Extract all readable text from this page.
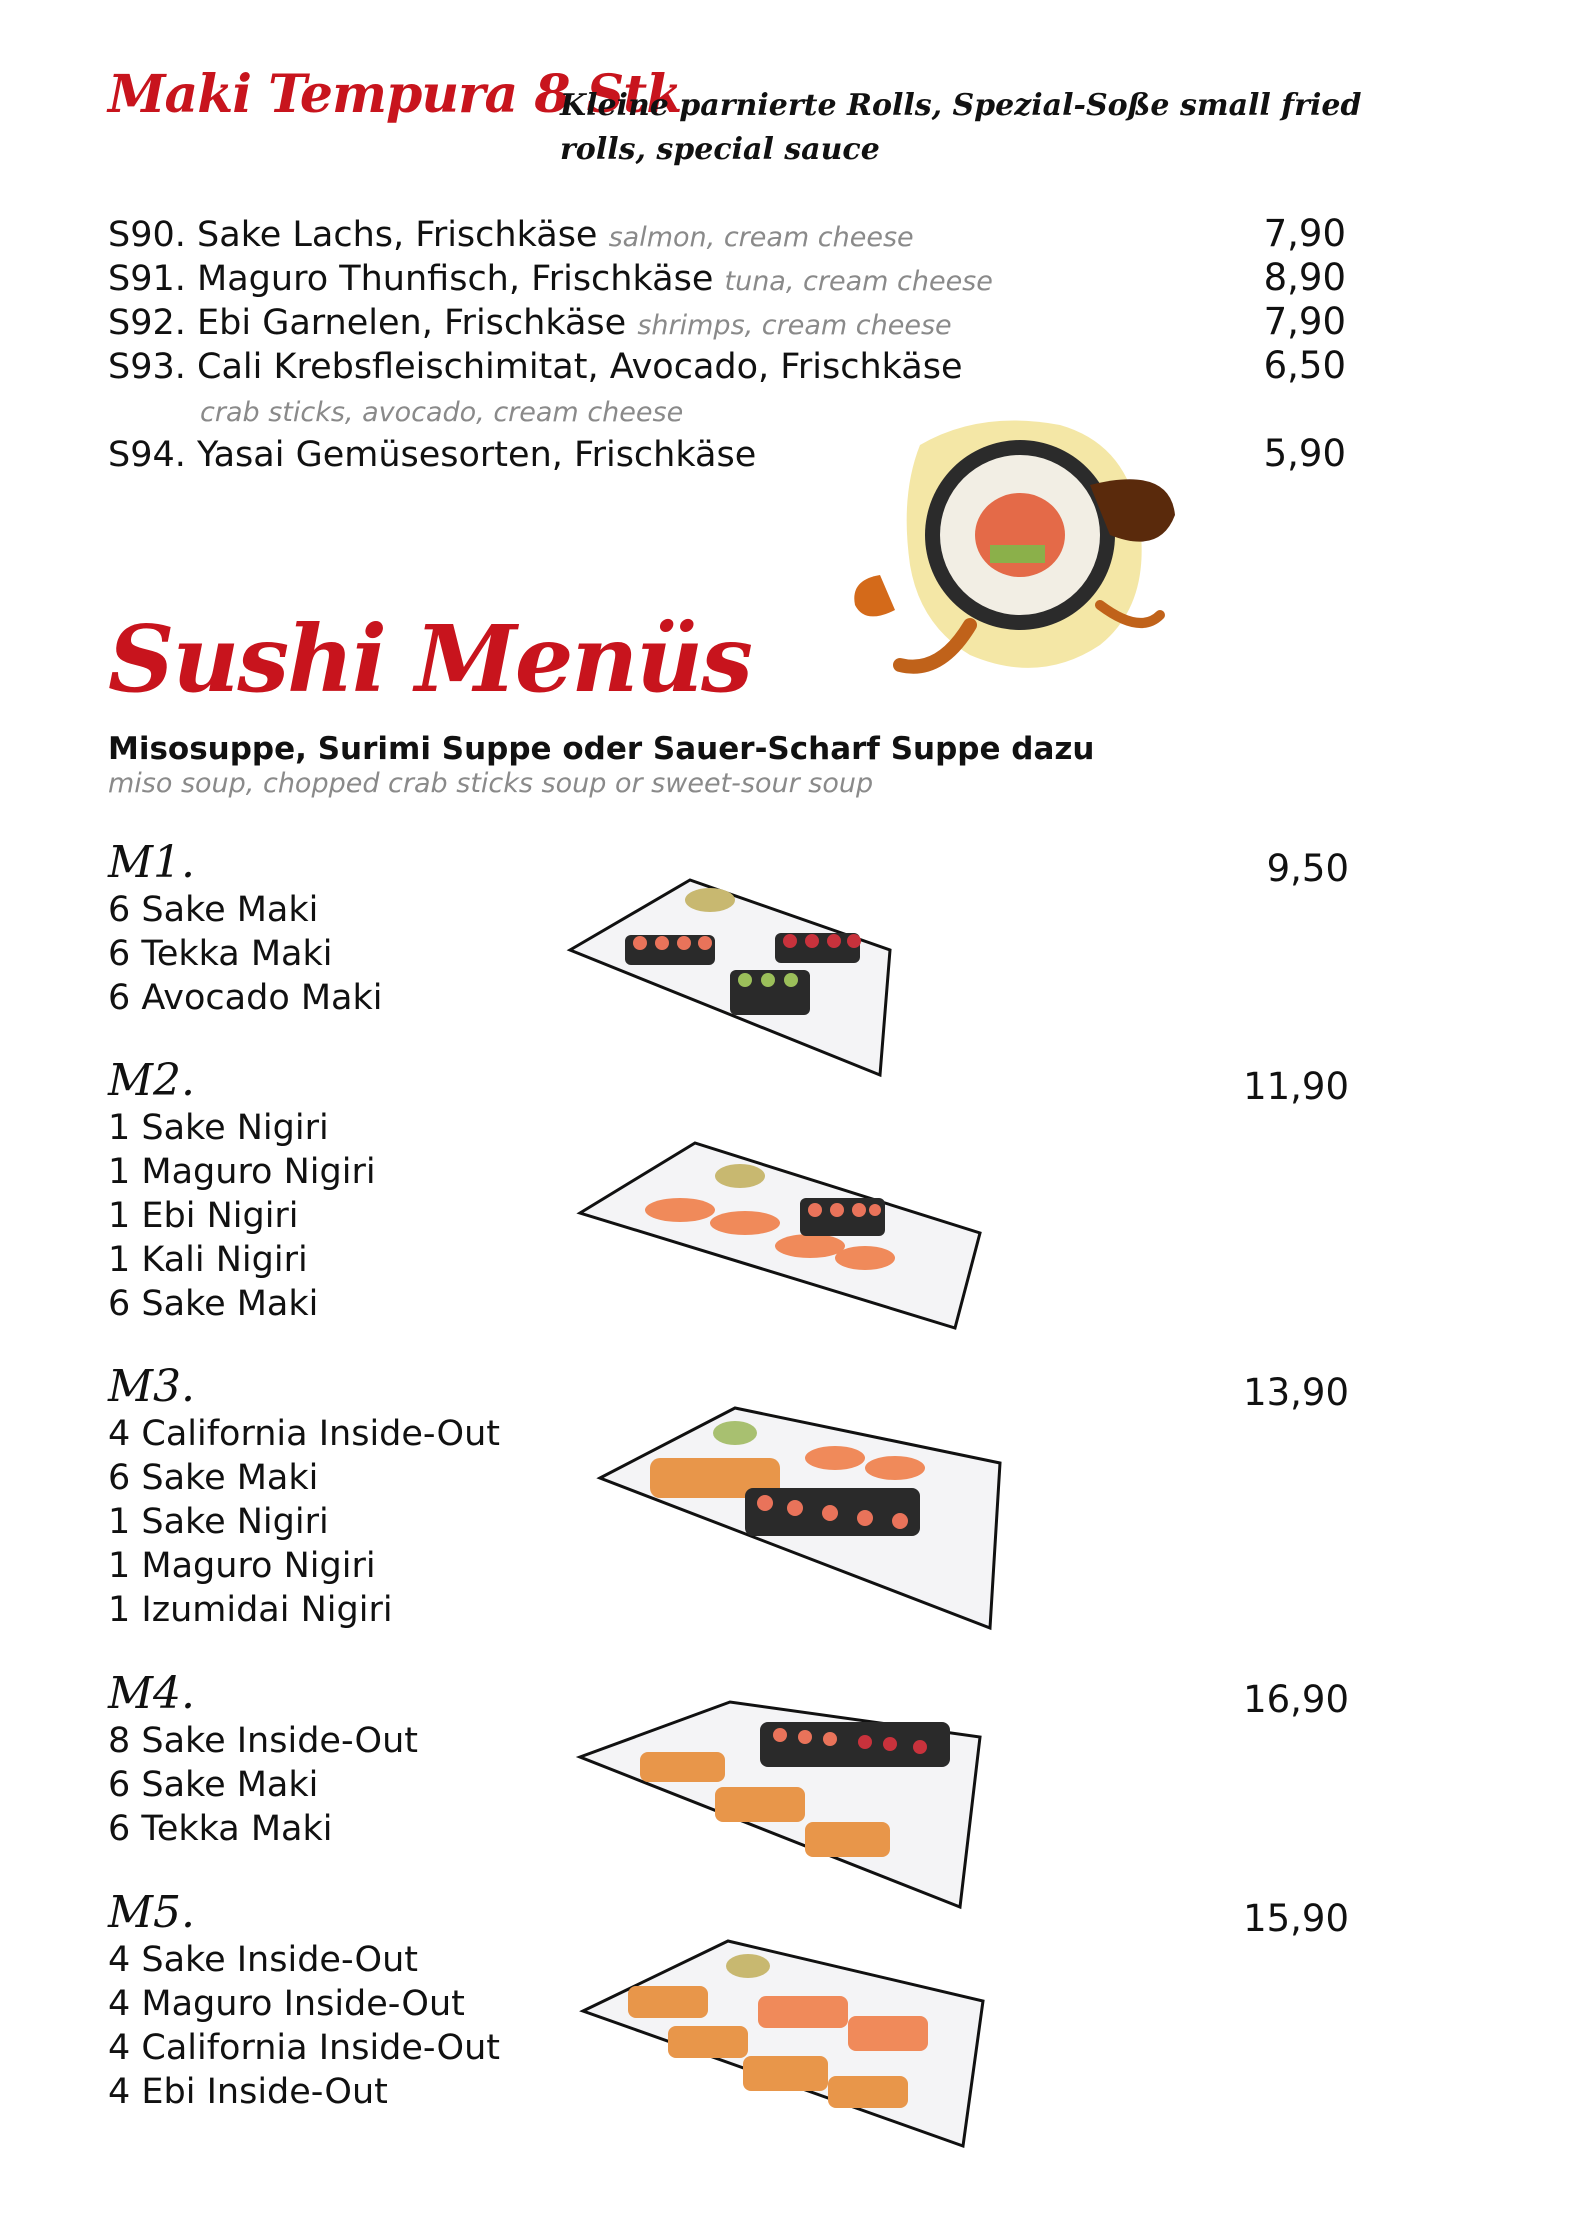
Maki Tempura 8 Stk
Kleine parnierte Rolls, Spezial-Soße small fried rolls, special sauce
S90. Sake Lachs, Frischkäse salmon, cream cheese	7,90
S91. Maguro Thunfisch, Frischkäse tuna, cream cheese	8,90
S92. Ebi Garnelen, Frischkäse shrimps, cream cheese	7,90
S93. Cali Krebsfleischimitat, Avocado, Frischkäse	6,50
crab sticks, avocado, cream cheese
S94. Yasai Gemüsesorten, Frischkäse	5,90
Sushi Menüs
Misosuppe, Surimi Suppe oder Sauer-Scharf Suppe dazu
miso soup, chopped crab sticks soup or sweet-sour soup
M1.	9,50
6 Sake Maki
6 Tekka Maki
6 Avocado Maki
M2.	11,90
1 Sake Nigiri
1 Maguro Nigiri
1 Ebi Nigiri
1 Kali Nigiri
6 Sake Maki
M3.	13,90
4 California Inside-Out
6 Sake Maki
1 Sake Nigiri
1 Maguro Nigiri
1 Izumidai Nigiri
M4.	16,90
8 Sake Inside-Out
6 Sake Maki
6 Tekka Maki
M5.	15,90
4 Sake Inside-Out
4 Maguro Inside-Out
4 California Inside-Out
4 Ebi Inside-Out
